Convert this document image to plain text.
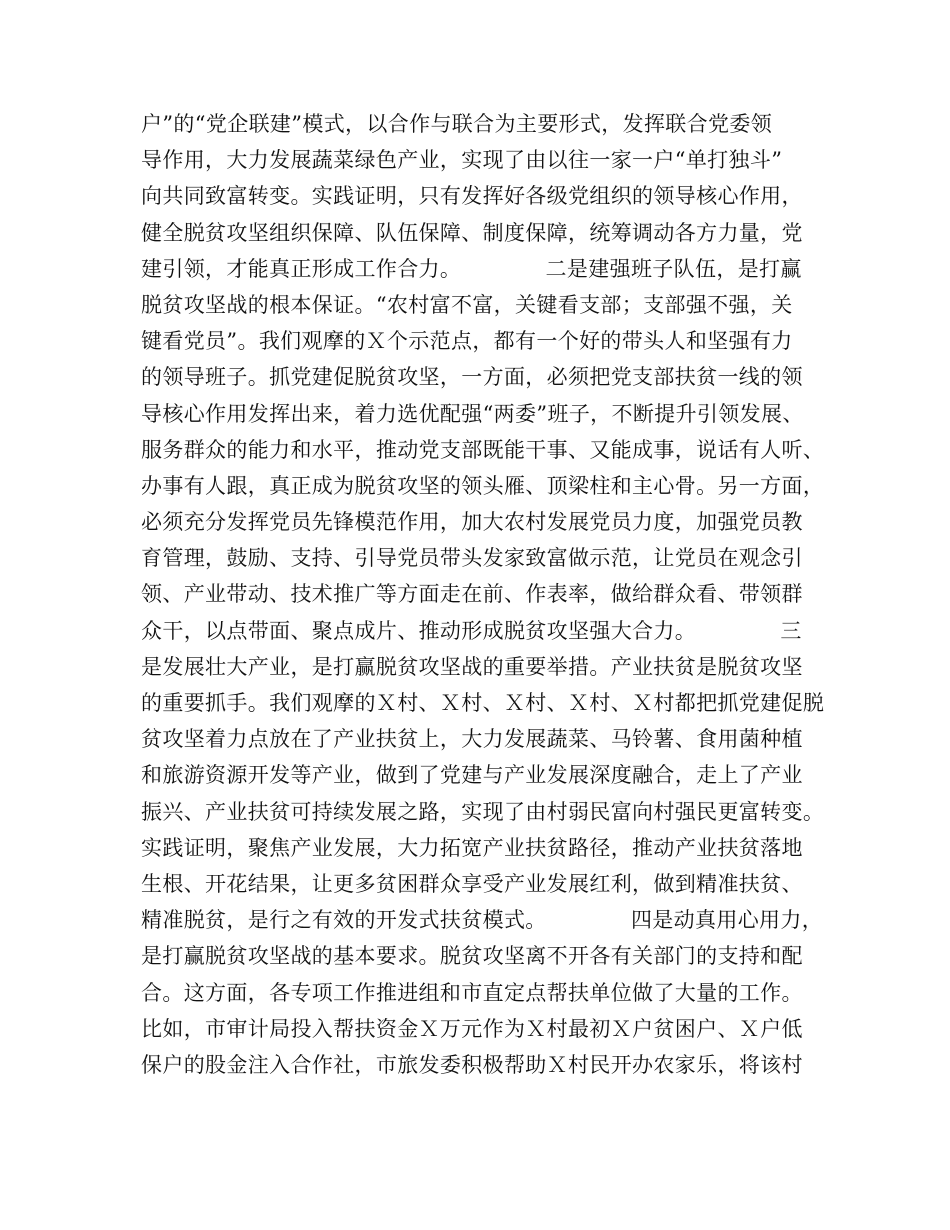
户”的“党企联建”模式，以合作与联合为主要形式，发挥联合党委领
导作用，大力发展蔬菜绿色产业，实现了由以往一家一户“单打独斗”
向共同致富转变。实践证明，只有发挥好各级党组织的领导核心作用，
健全脱贫攻坚组织保障、队伍保障、制度保障，统筹调动各方力量，党
建引领，才能真正形成工作合力。            二是建强班子队伍，是打赢
脱贫攻坚战的根本保证。“农村富不富，关键看支部；支部强不强，关
键看党员”。我们观摩的Ｘ个示范点，都有一个好的带头人和坚强有力
的领导班子。抓党建促脱贫攻坚，一方面，必须把党支部扶贫一线的领
导核心作用发挥出来，着力选优配强“两委”班子，不断提升引领发展、
服务群众的能力和水平，推动党支部既能干事、又能成事，说话有人听、
办事有人跟，真正成为脱贫攻坚的领头雁、顶梁柱和主心骨。另一方面，
必须充分发挥党员先锋模范作用，加大农村发展党员力度，加强党员教
育管理，鼓励、支持、引导党员带头发家致富做示范，让党员在观念引
领、产业带动、技术推广等方面走在前、作表率，做给群众看、带领群
众干，以点带面、聚点成片、推动形成脱贫攻坚强大合力。            三
是发展壮大产业，是打赢脱贫攻坚战的重要举措。产业扶贫是脱贫攻坚
的重要抓手。我们观摩的Ｘ村、Ｘ村、Ｘ村、Ｘ村、Ｘ村都把抓党建促脱
贫攻坚着力点放在了产业扶贫上，大力发展蔬菜、马铃薯、食用菌种植
和旅游资源开发等产业，做到了党建与产业发展深度融合，走上了产业
振兴、产业扶贫可持续发展之路，实现了由村弱民富向村强民更富转变。
实践证明，聚焦产业发展，大力拓宽产业扶贫路径，推动产业扶贫落地
生根、开花结果，让更多贫困群众享受产业发展红利，做到精准扶贫、
精准脱贫，是行之有效的开发式扶贫模式。            四是动真用心用力，
是打赢脱贫攻坚战的基本要求。脱贫攻坚离不开各有关部门的支持和配
合。这方面，各专项工作推进组和市直定点帮扶单位做了大量的工作。
比如，市审计局投入帮扶资金Ｘ万元作为Ｘ村最初Ｘ户贫困户、Ｘ户低
保户的股金注入合作社，市旅发委积极帮助Ｘ村民开办农家乐，将该村
